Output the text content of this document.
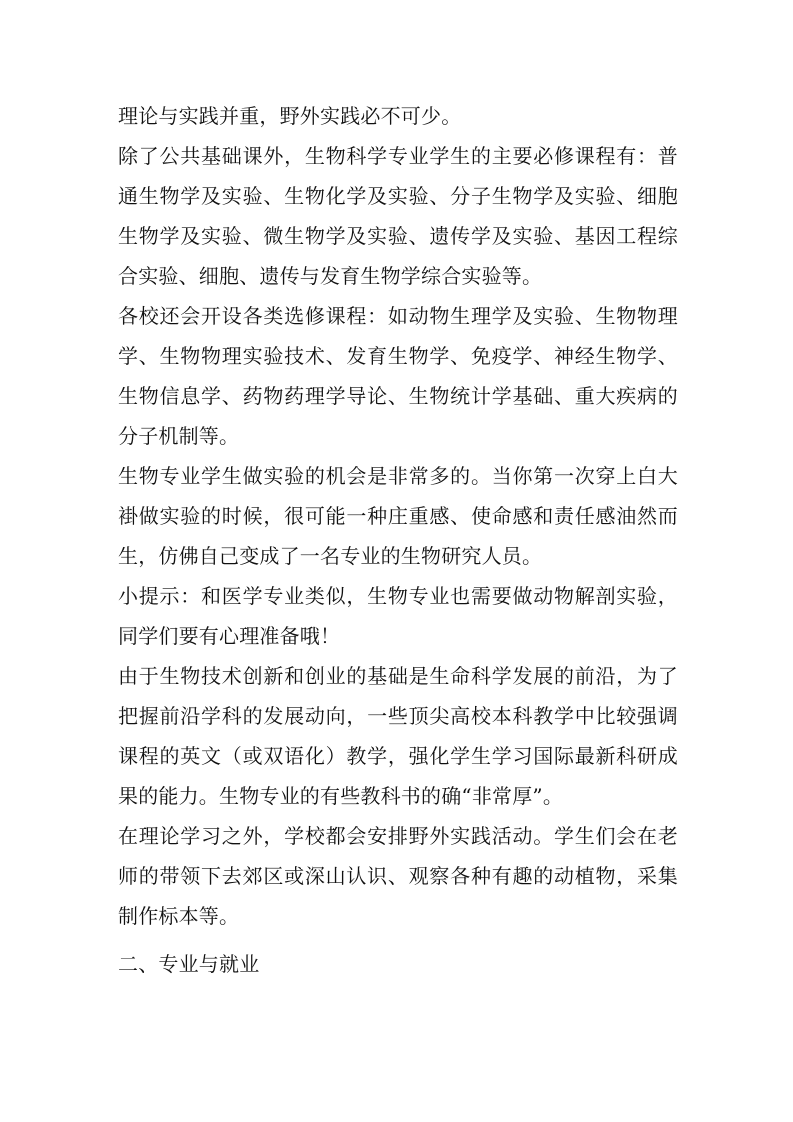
理论与实践并重，野外实践必不可少。

除了公共基础课外，生物科学专业学生的主要必修课程有：普通生物学及实验、生物化学及实验、分子生物学及实验、细胞生物学及实验、微生物学及实验、遗传学及实验、基因工程综合实验、细胞、遗传与发育生物学综合实验等。

各校还会开设各类选修课程：如动物生理学及实验、生物物理学、生物物理实验技术、发育生物学、免疫学、神经生物学、生物信息学、药物药理学导论、生物统计学基础、重大疾病的分子机制等。

生物专业学生做实验的机会是非常多的。当你第一次穿上白大褂做实验的时候，很可能一种庄重感、使命感和责任感油然而生，仿佛自己变成了一名专业的生物研究人员。

小提示：和医学专业类似，生物专业也需要做动物解剖实验，同学们要有心理准备哦！

由于生物技术创新和创业的基础是生命科学发展的前沿，为了把握前沿学科的发展动向，一些顶尖高校本科教学中比较强调课程的英文（或双语化）教学，强化学生学习国际最新科研成果的能力。生物专业的有些教科书的确“非常厚”。

在理论学习之外，学校都会安排野外实践活动。学生们会在老师的带领下去郊区或深山认识、观察各种有趣的动植物，采集制作标本等。

二、专业与就业
